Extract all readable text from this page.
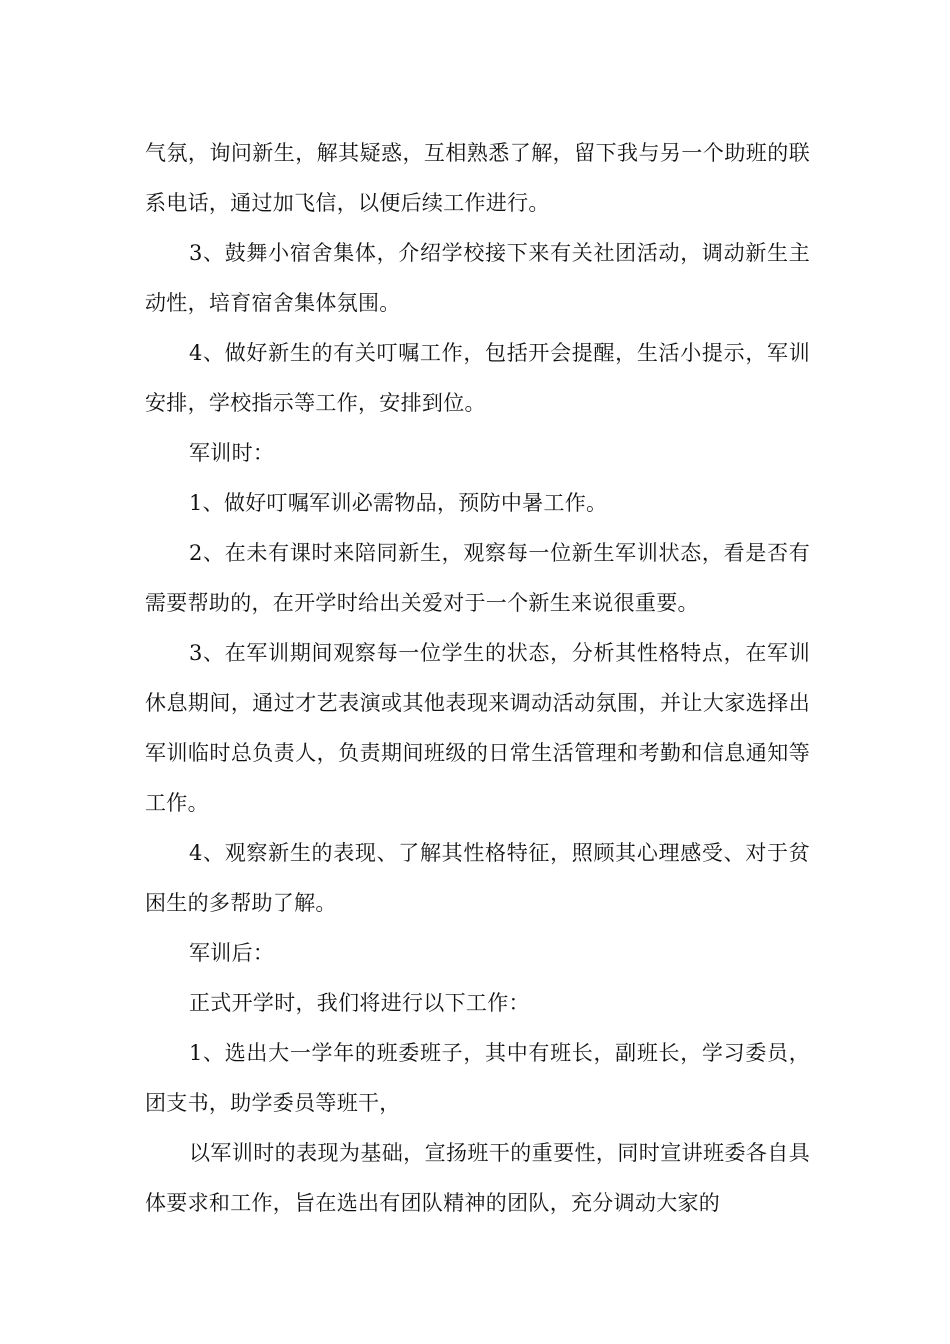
气氛，询问新生，解其疑惑，互相熟悉了解，留下我与另一个助班的联系电话，通过加飞信，以便后续工作进行。

3、鼓舞小宿舍集体，介绍学校接下来有关社团活动，调动新生主动性，培育宿舍集体氛围。

4、做好新生的有关叮嘱工作，包括开会提醒，生活小提示，军训安排，学校指示等工作，安排到位。

军训时：

1、做好叮嘱军训必需物品，预防中暑工作。

2、在未有课时来陪同新生，观察每一位新生军训状态，看是否有需要帮助的，在开学时给出关爱对于一个新生来说很重要。

3、在军训期间观察每一位学生的状态，分析其性格特点，在军训休息期间，通过才艺表演或其他表现来调动活动氛围，并让大家选择出军训临时总负责人，负责期间班级的日常生活管理和考勤和信息通知等工作。

4、观察新生的表现、了解其性格特征，照顾其心理感受、对于贫困生的多帮助了解。

军训后：

正式开学时，我们将进行以下工作：

1、选出大一学年的班委班子，其中有班长，副班长，学习委员，团支书，助学委员等班干，

以军训时的表现为基础，宣扬班干的重要性，同时宣讲班委各自具体要求和工作，旨在选出有团队精神的团队，充分调动大家的
